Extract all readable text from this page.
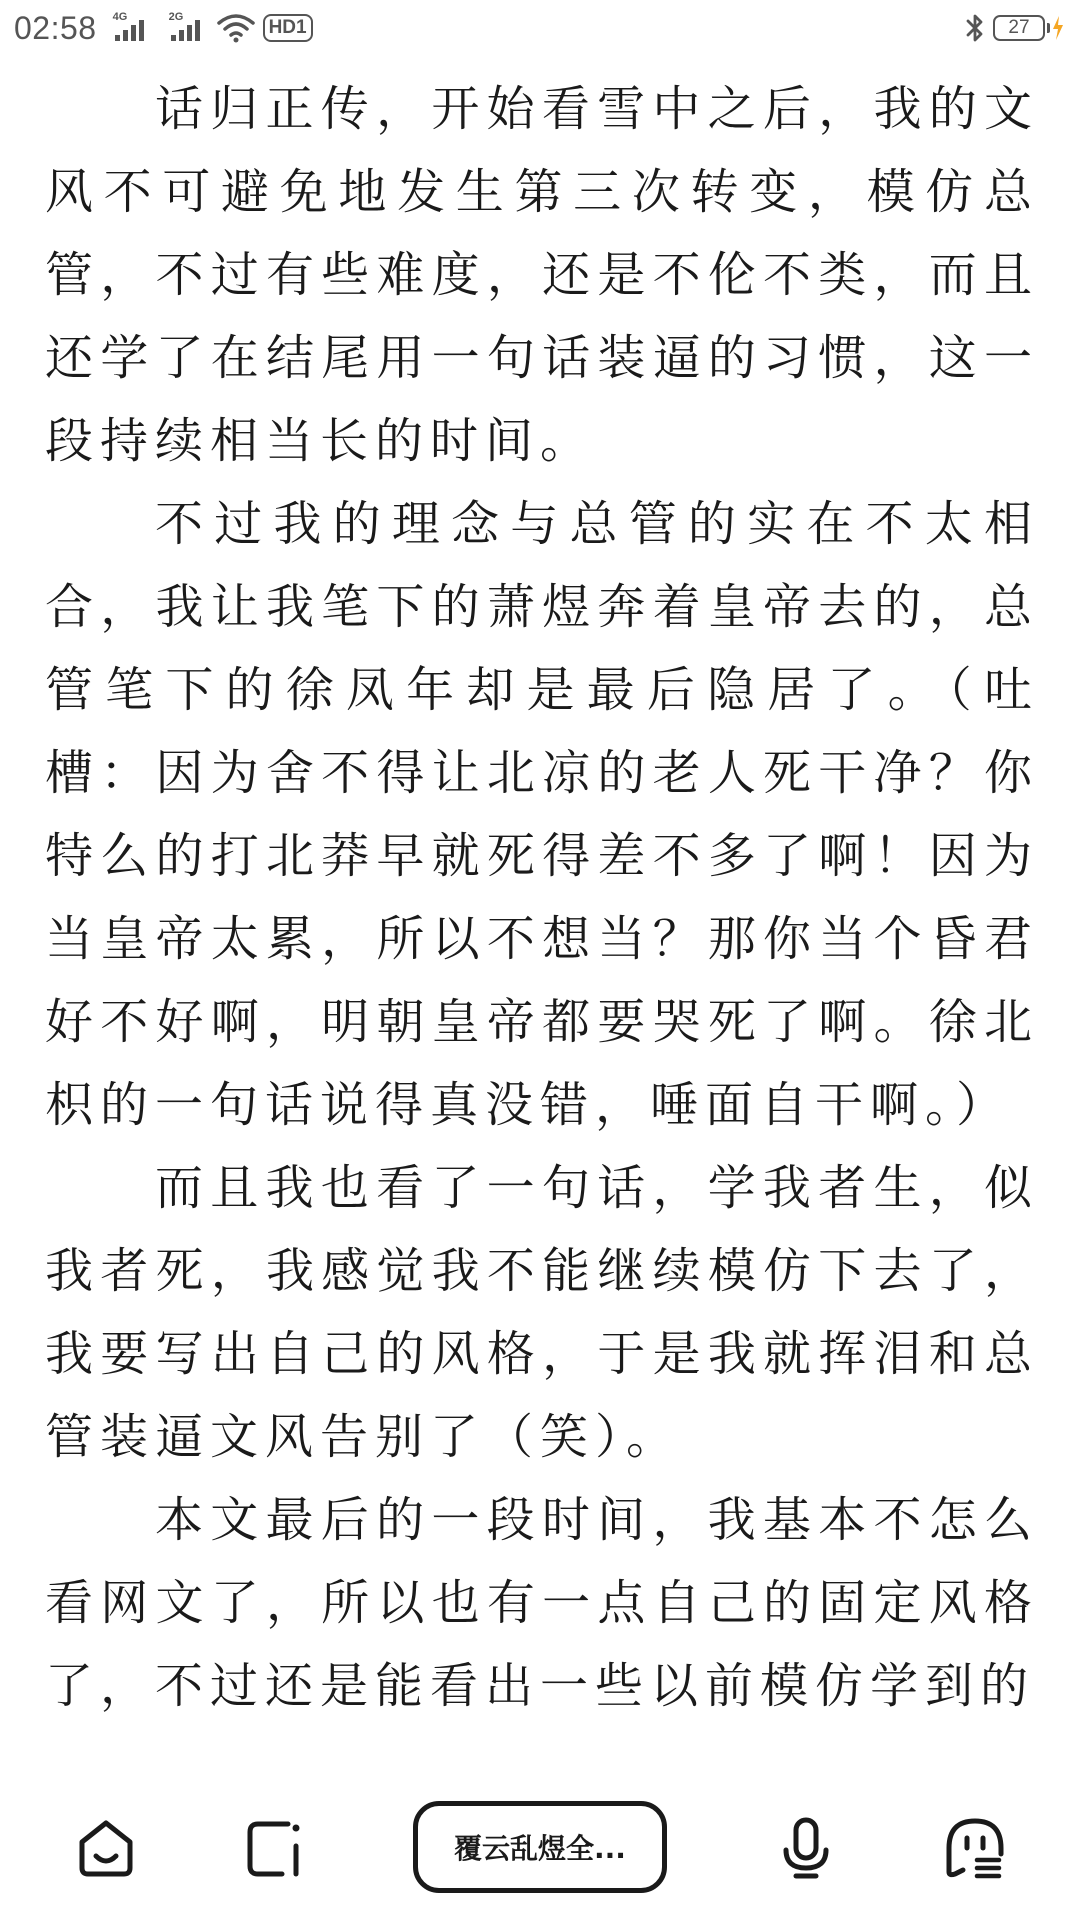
02:58 4G	2G	HD1	27

话归正传，开始看雪中之后，我的文风不可避免地发生第三次转变，模仿总管，不过有些难度，还是不伦不类，而且还学了在结尾用一句话装逼的习惯，这一段持续相当长的时间。

不过我的理念与总管的实在不太相合，我让我笔下的萧煜奔着皇帝去的，总管笔下的徐凤年却是最后隐居了。（吐槽：因为舍不得让北凉的老人死干净？你特么的打北莽早就死得差不多了啊！因为当皇帝太累，所以不想当？那你当个昏君好不好啊，明朝皇帝都要哭死了啊。徐北枳的一句话说得真没错，唾面自干啊。）

而且我也看了一句话，学我者生，似我者死，我感觉我不能继续模仿下去了，我要写出自己的风格，于是我就挥泪和总管装逼文风告别了（笑）。

本文最后的一段时间，我基本不怎么看网文了，所以也有一点自己的固定风格了，不过还是能看出一些以前模仿学到的

覆云乱煜全...
